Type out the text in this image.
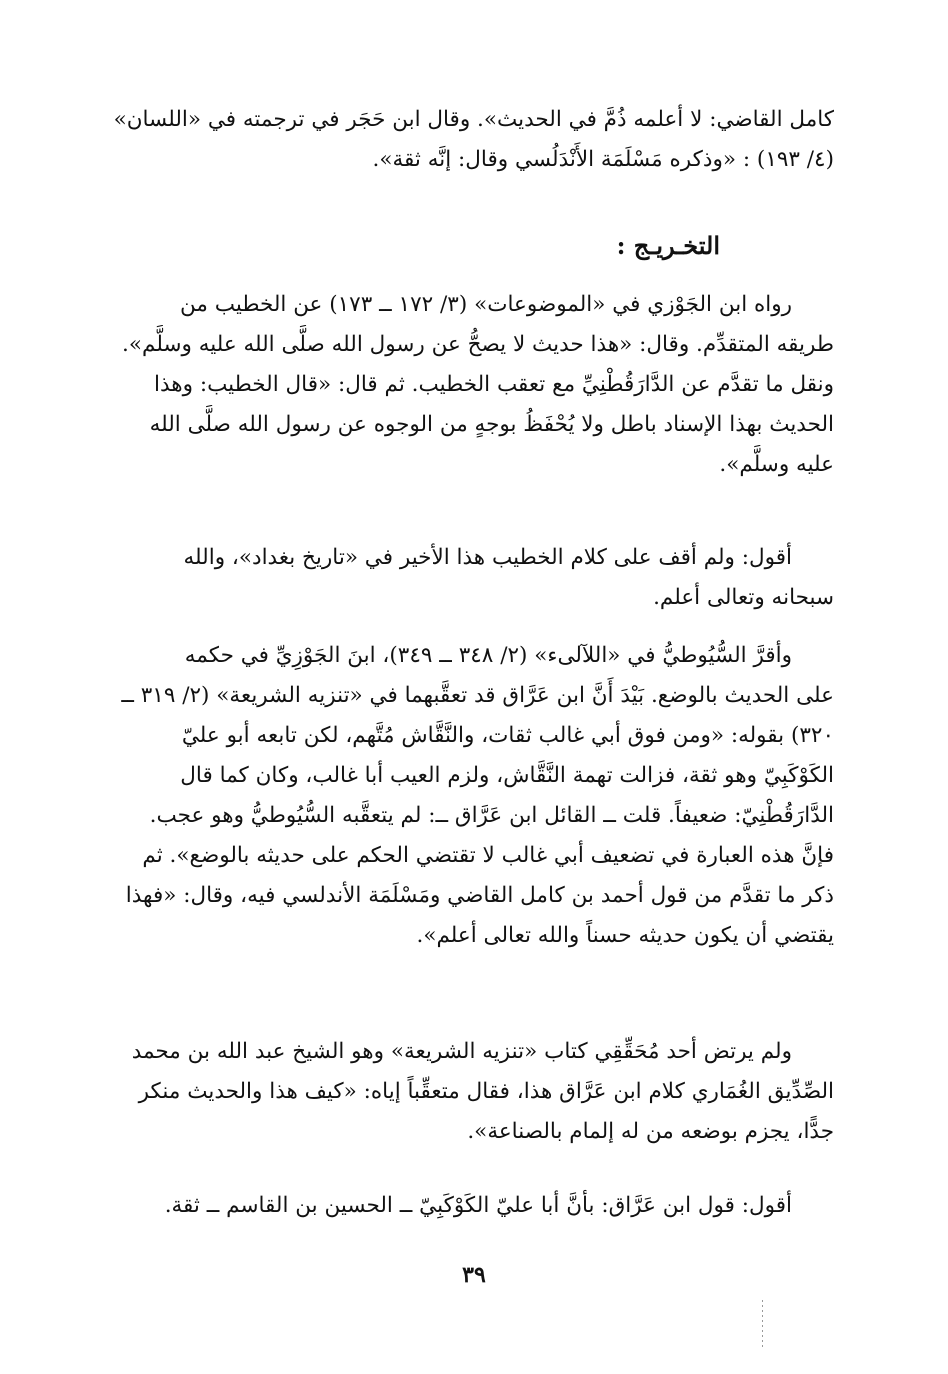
كامل القاضي: لا أعلمه ذُمَّ في الحديث». وقال ابن حَجَر في ترجمته في «اللسان»
(٤/ ١٩٣) : «وذكره مَسْلَمَة الأَنْدَلُسي وقال: إنَّه ثقة».
التخـريـج :
رواه ابن الجَوْزي في «الموضوعات» (٣/ ١٧٢ ــ ١٧٣) عن الخطيب من
طريقه المتقدِّم. وقال: «هذا حديث لا يصحُّ عن رسول الله صلَّى الله عليه وسلَّم».
ونقل ما تقدَّم عن الدَّارَقُطْنِيِّ مع تعقب الخطيب. ثم قال: «قال الخطيب: وهذا
الحديث بهذا الإسناد باطل ولا يُحْفَظُ بوجهٍ من الوجوه عن رسول الله صلَّى الله
عليه وسلَّم».
أقول: ولم أقف على كلام الخطيب هذا الأخير في «تاريخ بغداد»، والله
سبحانه وتعالى أعلم.
وأقرَّ السُّيُوطيُّ في «اللآلىء» (٢/ ٣٤٨ ــ ٣٤٩)، ابنَ الجَوْزِيِّ في حكمه
على الحديث بالوضع. بَيْدَ أَنَّ ابن عَرَّاق قد تعقَّبهما في «تنزيه الشريعة» (٢/ ٣١٩ ــ
٣٢٠) بقوله: «ومن فوق أبي غالب ثقات، والنَّقَّاش مُتَّهم، لكن تابعه أبو عليّ
الكَوْكَبِيّ وهو ثقة، فزالت تهمة النَّقَّاش، ولزم العيب أبا غالب، وكان كما قال
الدَّارَقُطْنِيّ: ضعيفاً. قلت ــ القائل ابن عَرَّاق ــ: لم يتعقَّبه السُّيُوطيُّ وهو عجب.
فإنَّ هذه العبارة في تضعيف أبي غالب لا تقتضي الحكم على حديثه بالوضع». ثم
ذكر ما تقدَّم من قول أحمد بن كامل القاضي ومَسْلَمَة الأندلسي فيه، وقال: «فهذا
يقتضي أن يكون حديثه حسناً والله تعالى أعلم».
ولم يرتض أحد مُحَقِّقِي كتاب «تنزيه الشريعة» وهو الشيخ عبد الله بن محمد
الصِّدِّيق الغُمَاري كلام ابن عَرَّاق هذا، فقال متعقِّباً إياه: «كيف هذا والحديث منكر
جدًّا، يجزم بوضعه من له إلمام بالصناعة».
أقول: قول ابن عَرَّاق: بأنَّ أبا عليّ الكَوْكَبِيّ ــ الحسين بن القاسم ــ ثقة.
٣٩
